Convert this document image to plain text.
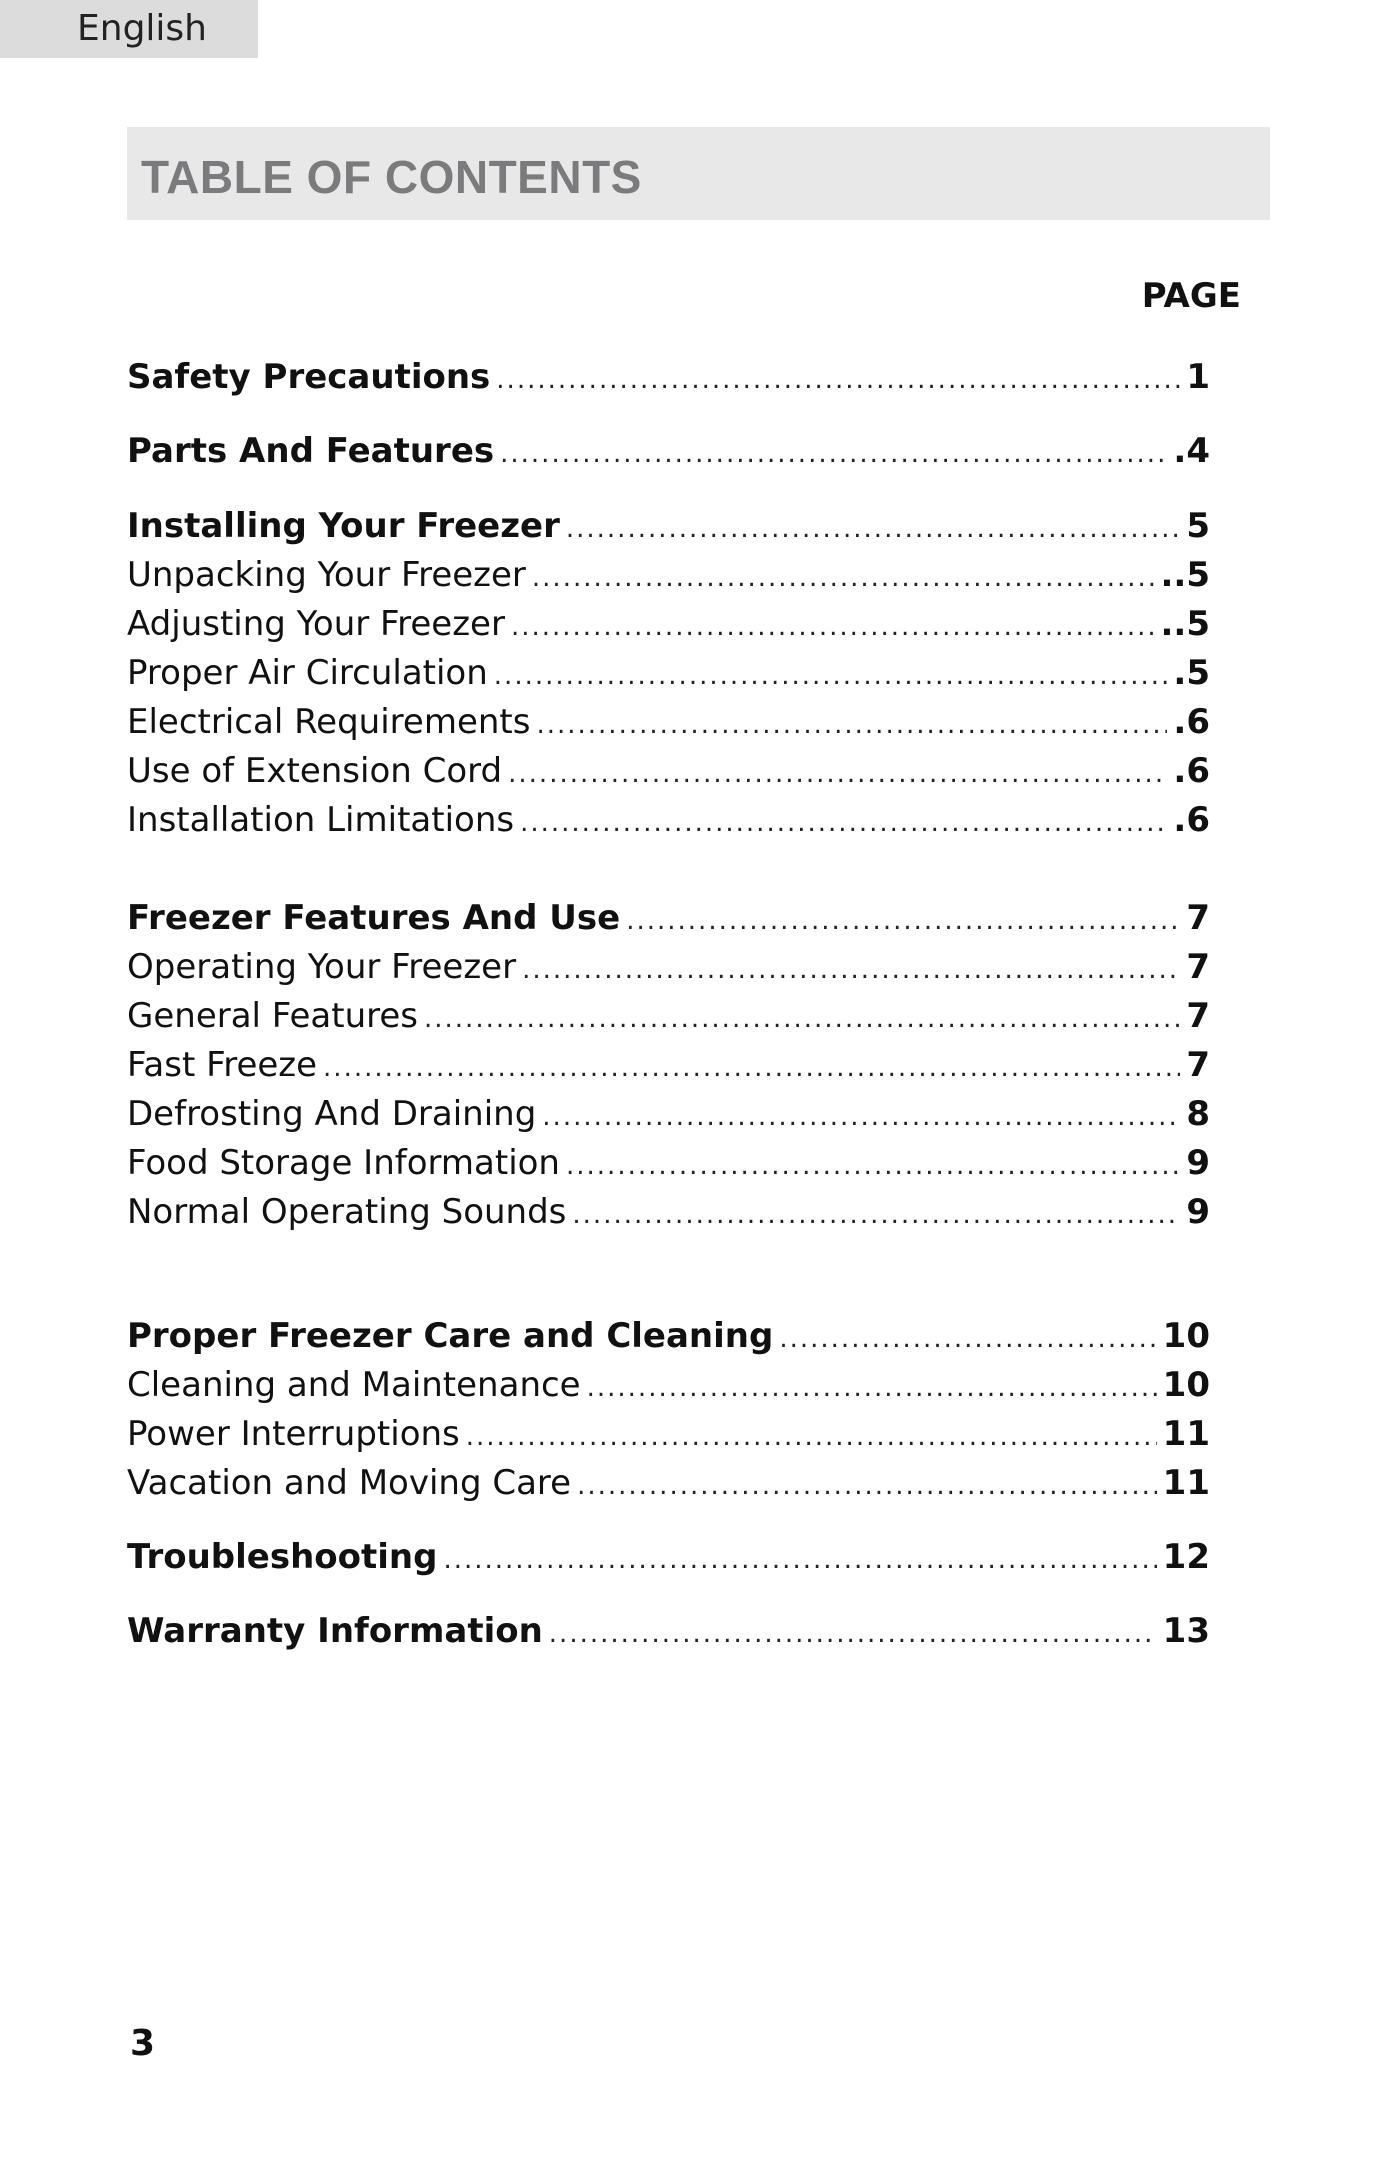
English
TABLE OF CONTENTS
PAGE
Safety Precautions .....	1
Parts And Features .....	.4
Installing Your Freezer .....	5
Unpacking Your Freezer .....	..5
Adjusting Your Freezer .....	..5
Proper Air Circulation .....	.5
Electrical Requirements .....	.6
Use of Extension Cord .....	.6
Installation Limitations .....	.6
Freezer Features And Use .....	7
Operating Your Freezer .....	7
General Features .....	7
Fast Freeze .....	7
Defrosting And Draining .....	8
Food Storage Information .....	9
Normal Operating Sounds .....	9
Proper Freezer Care and Cleaning .....	10
Cleaning and Maintenance .....	10
Power Interruptions .....	11
Vacation and Moving Care .....	11
Troubleshooting .....	12
Warranty Information .....	13
3
